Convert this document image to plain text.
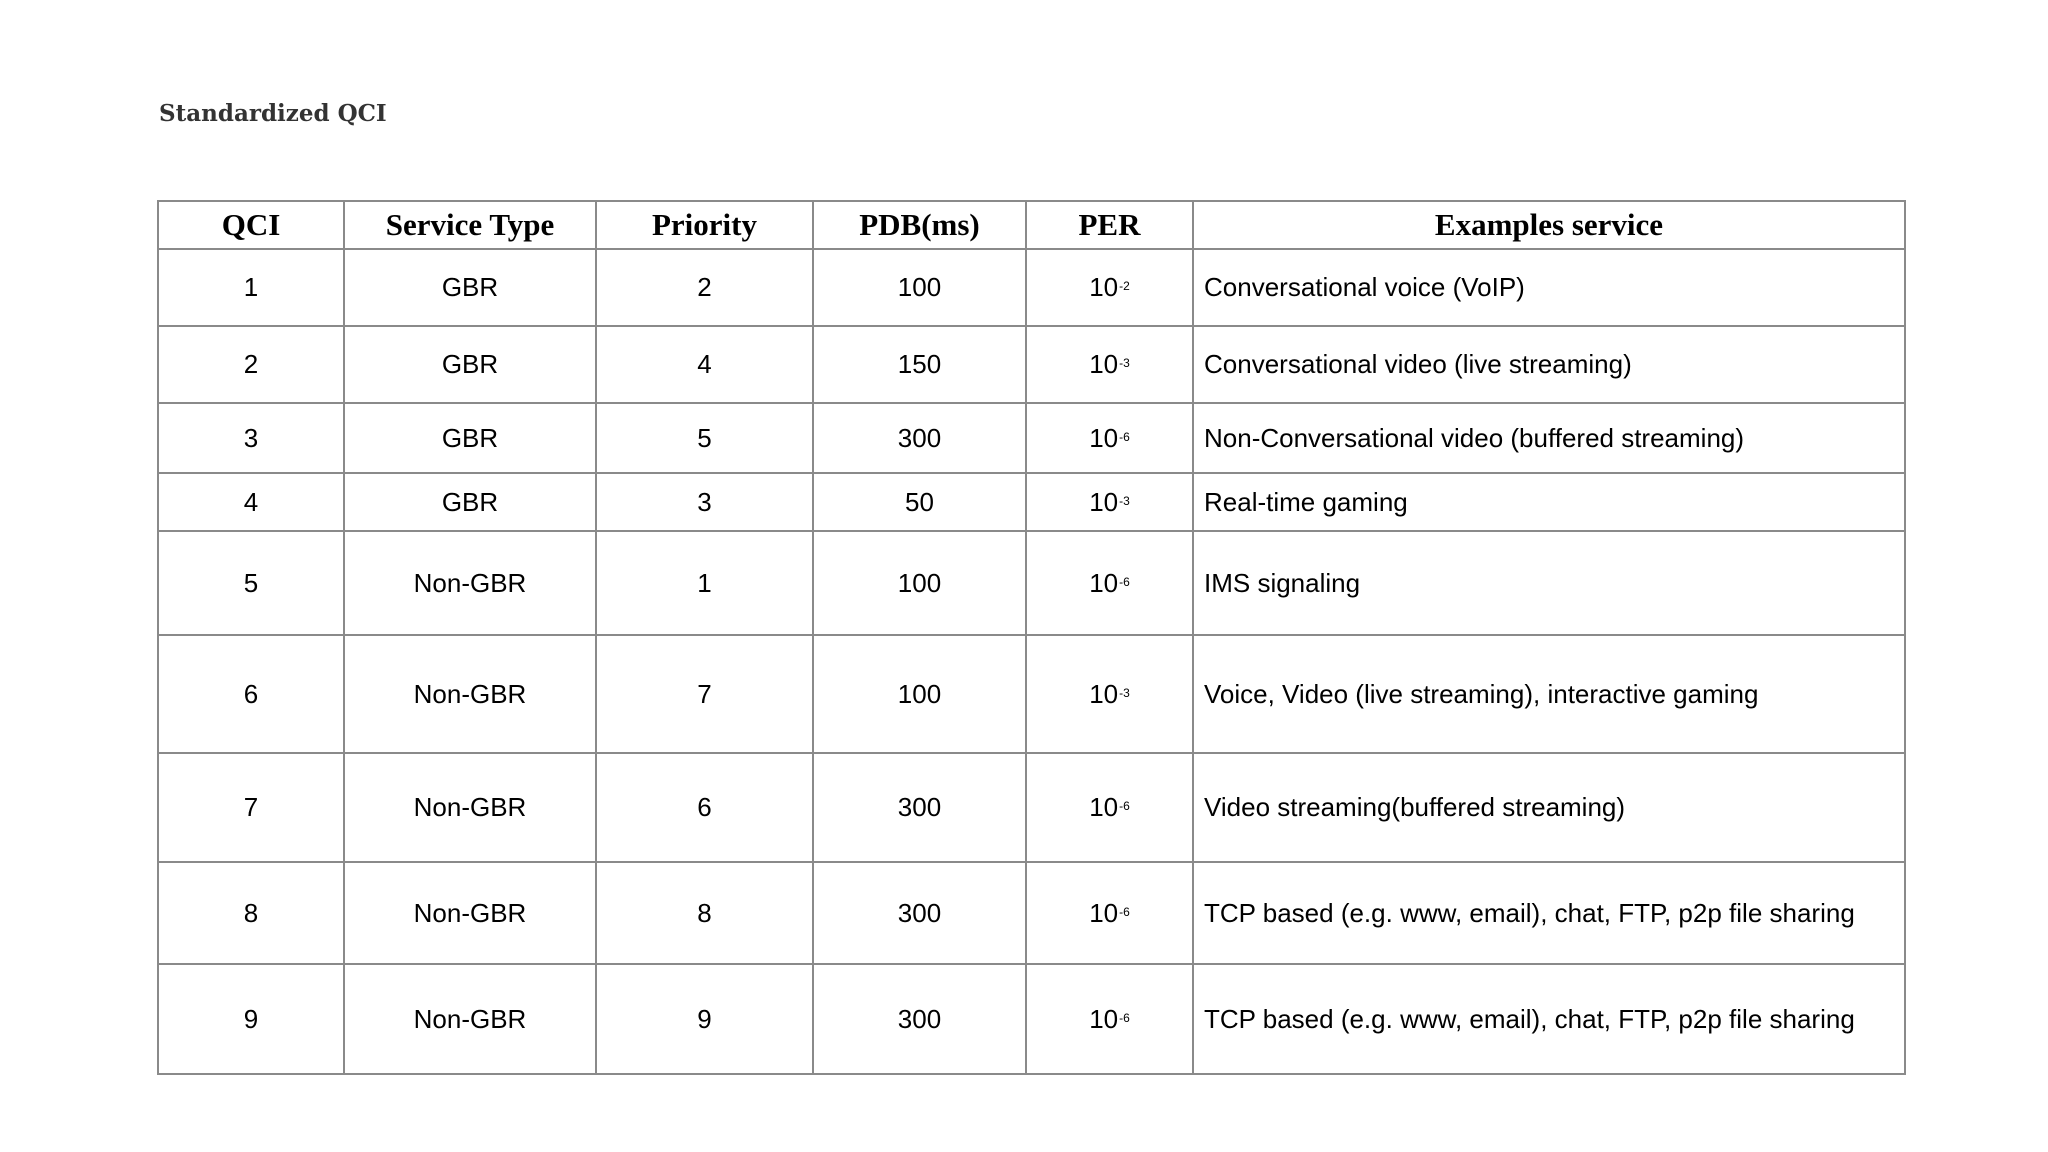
Standardized QCI
QCI	Service Type	Priority	PDB(ms)	PER	Examples service
1	GBR	2	100	$10^{-2}$	Conversational voice (VoIP)
2	GBR	4	150	$10^{-3}$	Conversational video (live streaming)
3	GBR	5	300	$10^{-6}$	Non-Conversational video (buffered streaming)
4	GBR	3	50	$10^{-3}$	Real-time gaming
5	Non-GBR	1	100	$10^{-6}$	IMS signaling
6	Non-GBR	7	100	$10^{-3}$	Voice, Video (live streaming), interactive gaming
7	Non-GBR	6	300	$10^{-6}$	Video streaming(buffered streaming)
8	Non-GBR	8	300	$10^{-6}$	TCP based (e.g. www, email), chat, FTP, p2p file sharing
9	Non-GBR	9	300	$10^{-6}$	TCP based (e.g. www, email), chat, FTP, p2p file sharing
